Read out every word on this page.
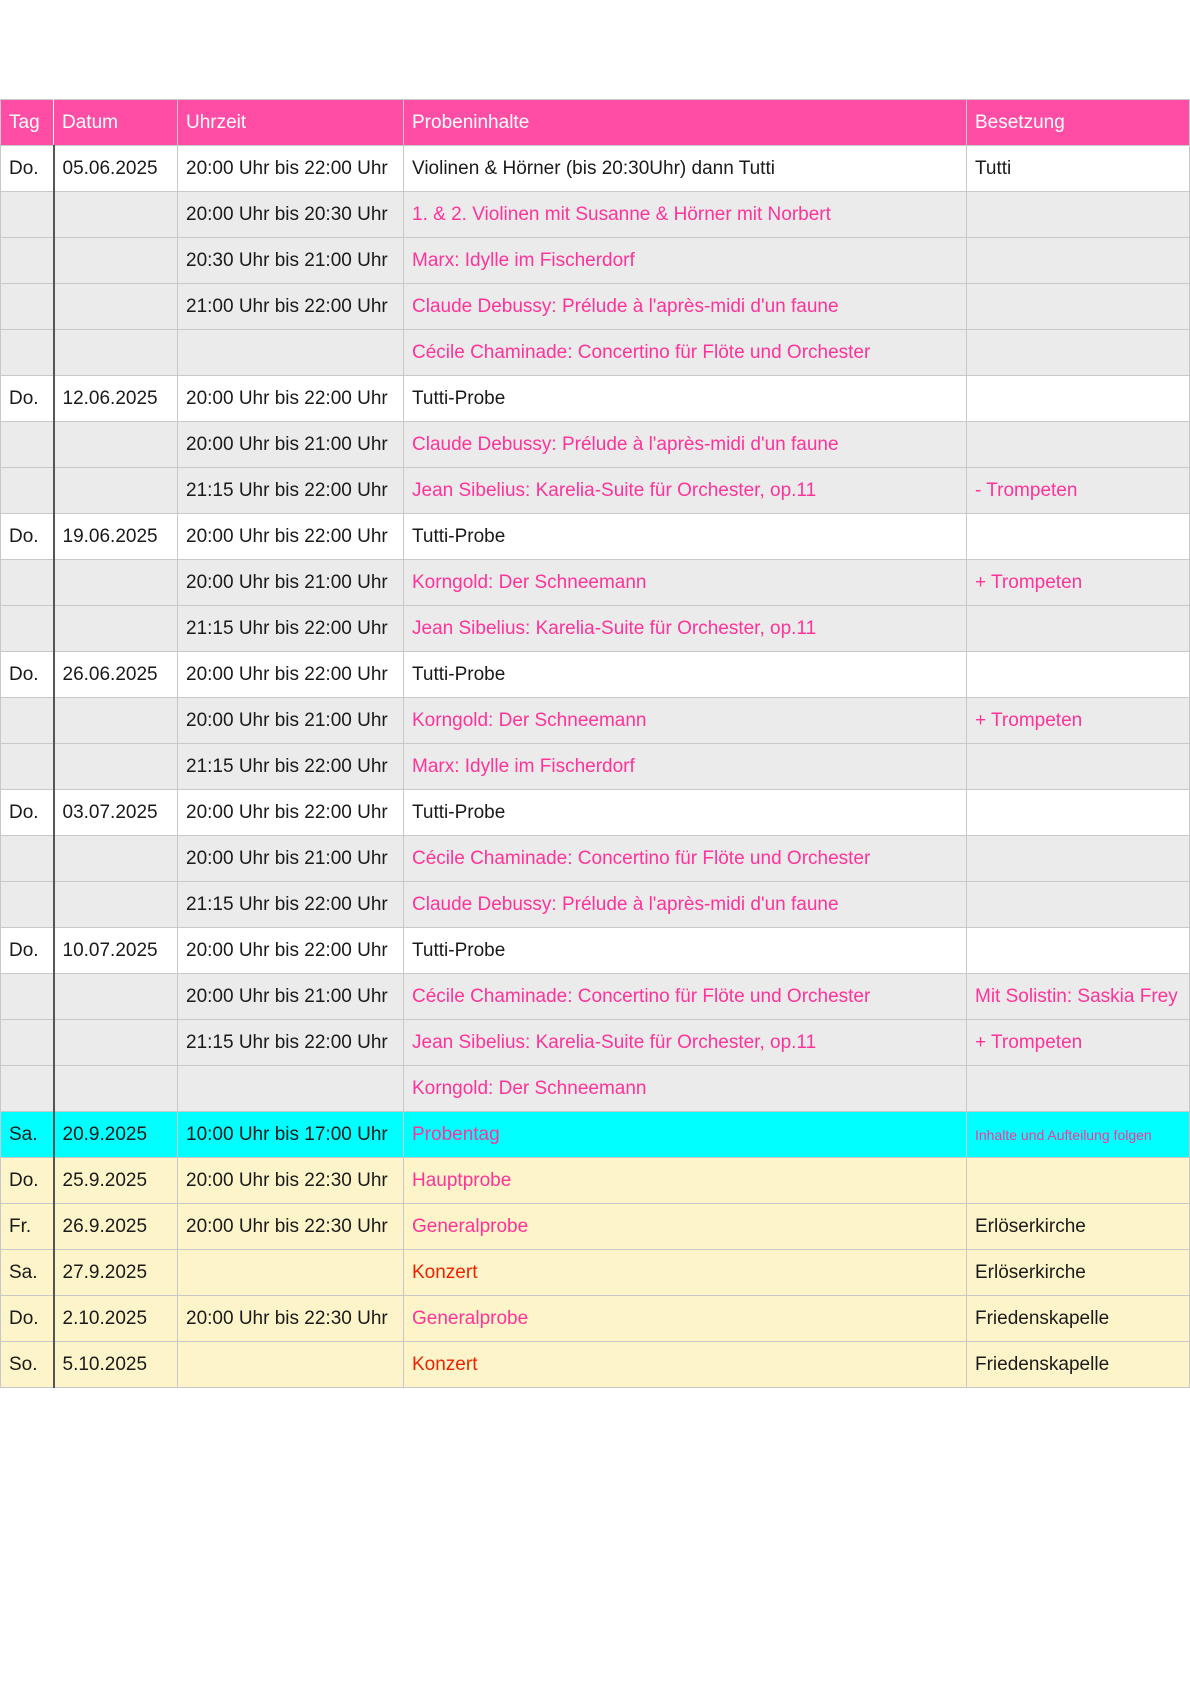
Tag	Datum	Uhrzeit	Probeninhalte	Besetzung
Do.	05.06.2025	20:00 Uhr bis 22:00 Uhr	Violinen & Hörner (bis 20:30Uhr) dann Tutti	Tutti
		20:00 Uhr bis 20:30 Uhr	1. & 2. Violinen mit Susanne & Hörner mit Norbert	
		20:30 Uhr bis 21:00 Uhr	Marx: Idylle im Fischerdorf	
		21:00 Uhr bis 22:00 Uhr	Claude Debussy: Prélude à l'après-midi d'un faune	
			Cécile Chaminade: Concertino für Flöte und Orchester	
Do.	12.06.2025	20:00 Uhr bis 22:00 Uhr	Tutti-Probe	
		20:00 Uhr bis 21:00 Uhr	Claude Debussy: Prélude à l'après-midi d'un faune	
		21:15 Uhr bis 22:00 Uhr	Jean Sibelius: Karelia-Suite für Orchester, op.11	- Trompeten
Do.	19.06.2025	20:00 Uhr bis 22:00 Uhr	Tutti-Probe	
		20:00 Uhr bis 21:00 Uhr	Korngold: Der Schneemann	+ Trompeten
		21:15 Uhr bis 22:00 Uhr	Jean Sibelius: Karelia-Suite für Orchester, op.11	
Do.	26.06.2025	20:00 Uhr bis 22:00 Uhr	Tutti-Probe	
		20:00 Uhr bis 21:00 Uhr	Korngold: Der Schneemann	+ Trompeten
		21:15 Uhr bis 22:00 Uhr	Marx: Idylle im Fischerdorf	
Do.	03.07.2025	20:00 Uhr bis 22:00 Uhr	Tutti-Probe	
		20:00 Uhr bis 21:00 Uhr	Cécile Chaminade: Concertino für Flöte und Orchester	
		21:15 Uhr bis 22:00 Uhr	Claude Debussy: Prélude à l'après-midi d'un faune	
Do.	10.07.2025	20:00 Uhr bis 22:00 Uhr	Tutti-Probe	
		20:00 Uhr bis 21:00 Uhr	Cécile Chaminade: Concertino für Flöte und Orchester	Mit Solistin: Saskia Frey
		21:15 Uhr bis 22:00 Uhr	Jean Sibelius: Karelia-Suite für Orchester, op.11	+ Trompeten
			Korngold: Der Schneemann	
Sa.	20.9.2025	10:00 Uhr bis 17:00 Uhr	Probentag	Inhalte und Aufteilung folgen
Do.	25.9.2025	20:00 Uhr bis 22:30 Uhr	Hauptprobe	
Fr.	26.9.2025	20:00 Uhr bis 22:30 Uhr	Generalprobe	Erlöserkirche
Sa.	27.9.2025		Konzert	Erlöserkirche
Do.	2.10.2025	20:00 Uhr bis 22:30 Uhr	Generalprobe	Friedenskapelle
So.	5.10.2025		Konzert	Friedenskapelle
